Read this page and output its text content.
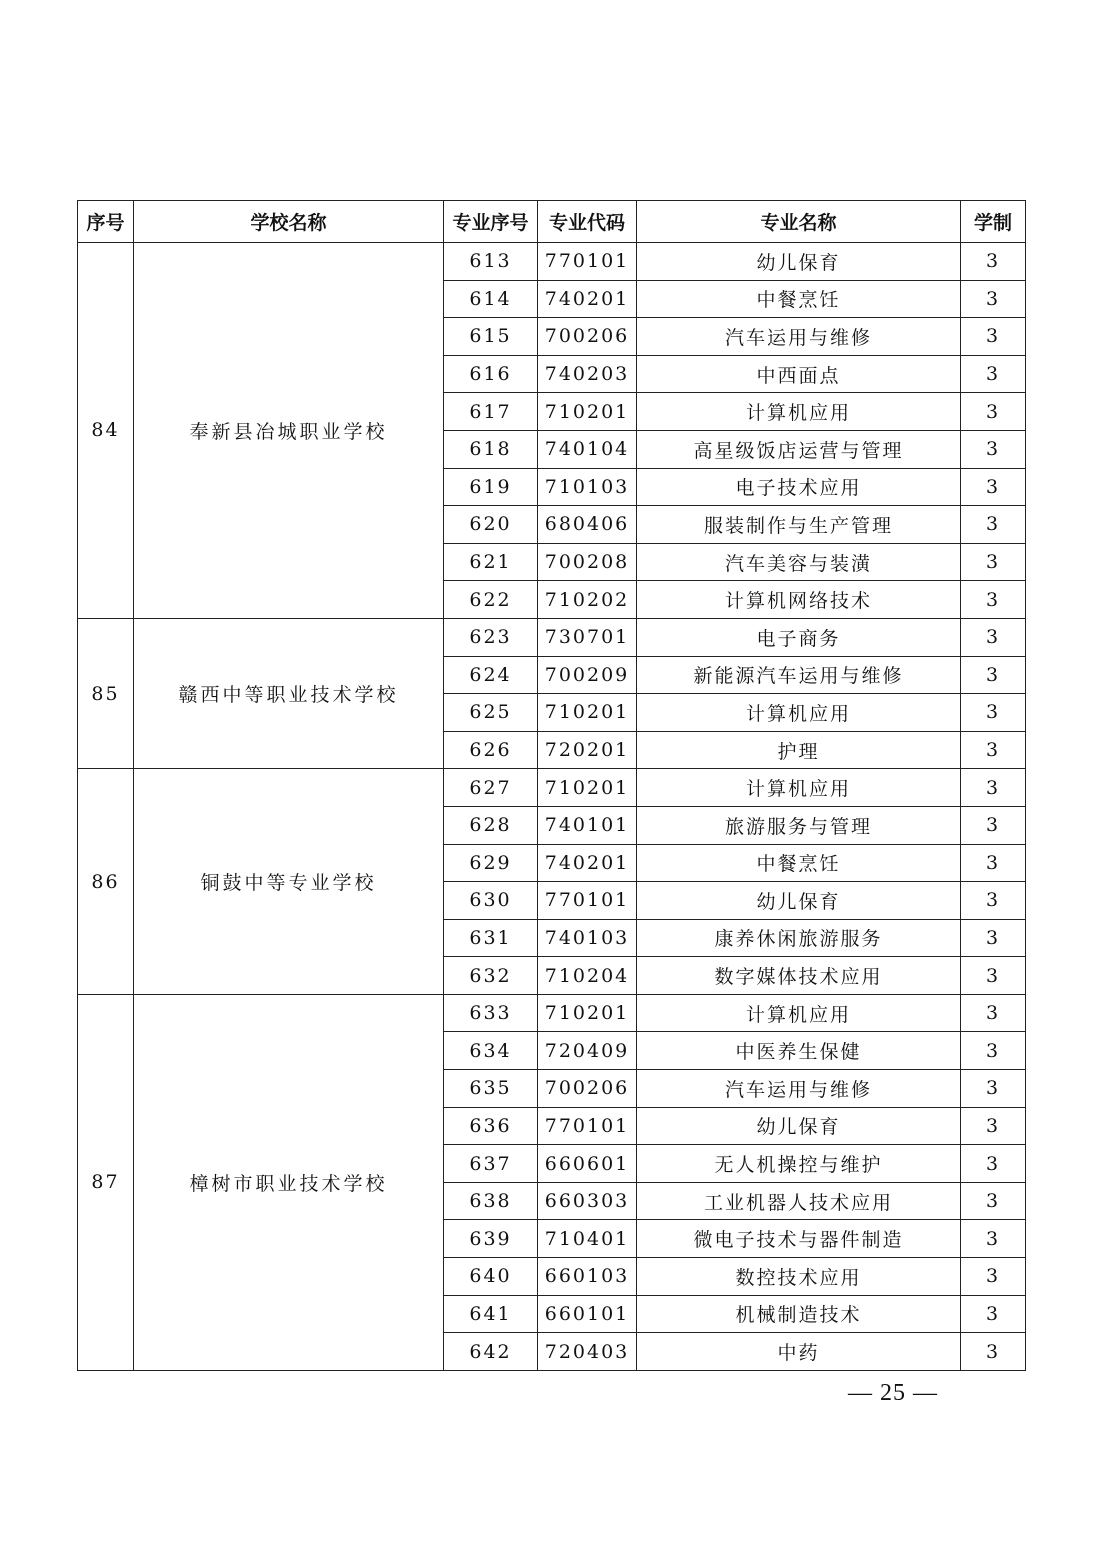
序号	学校名称	专业序号	专业代码	专业名称	学制
84	奉新县冶城职业学校	613	770101	幼儿保育	3
		614	740201	中餐烹饪	3
		615	700206	汽车运用与维修	3
		616	740203	中西面点	3
		617	710201	计算机应用	3
		618	740104	高星级饭店运营与管理	3
		619	710103	电子技术应用	3
		620	680406	服装制作与生产管理	3
		621	700208	汽车美容与装潢	3
		622	710202	计算机网络技术	3
85	赣西中等职业技术学校	623	730701	电子商务	3
		624	700209	新能源汽车运用与维修	3
		625	710201	计算机应用	3
		626	720201	护理	3
86	铜鼓中等专业学校	627	710201	计算机应用	3
		628	740101	旅游服务与管理	3
		629	740201	中餐烹饪	3
		630	770101	幼儿保育	3
		631	740103	康养休闲旅游服务	3
		632	710204	数字媒体技术应用	3
87	樟树市职业技术学校	633	710201	计算机应用	3
		634	720409	中医养生保健	3
		635	700206	汽车运用与维修	3
		636	770101	幼儿保育	3
		637	660601	无人机操控与维护	3
		638	660303	工业机器人技术应用	3
		639	710401	微电子技术与器件制造	3
		640	660103	数控技术应用	3
		641	660101	机械制造技术	3
		642	720403	中药	3
— 25 —
